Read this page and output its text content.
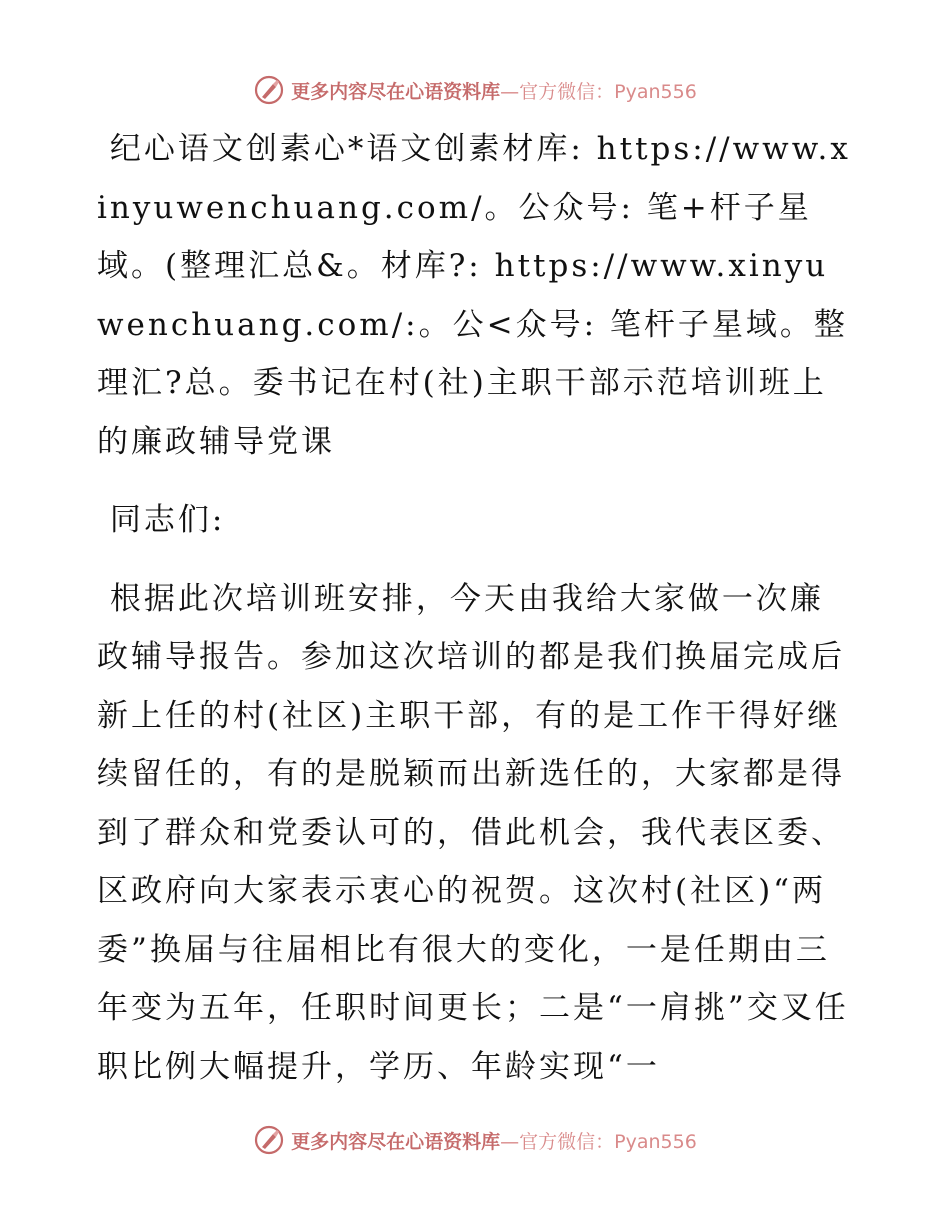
更多内容尽在心语资料库—官方微信：Pyan556

纪心语文创素心*语文创素材库: https://www.xinyuwenchuang.com/。公众号: 笔+杆子星域。(整理汇总&。材库?: https://www.xinyuwenchuang.com/:。公<众号: 笔杆子星域。整理汇?总。委书记在村(社)主职干部示范培训班上的廉政辅导党课

同志们:

根据此次培训班安排，今天由我给大家做一次廉政辅导报告。参加这次培训的都是我们换届完成后新上任的村(社区)主职干部，有的是工作干得好继续留任的，有的是脱颖而出新选任的，大家都是得到了群众和党委认可的，借此机会，我代表区委、区政府向大家表示衷心的祝贺。这次村(社区)“两委”换届与往届相比有很大的变化，一是任期由三年变为五年，任职时间更长；二是“一肩挑”交叉任职比例大幅提升，学历、年龄实现“一

更多内容尽在心语资料库—官方微信：Pyan556
